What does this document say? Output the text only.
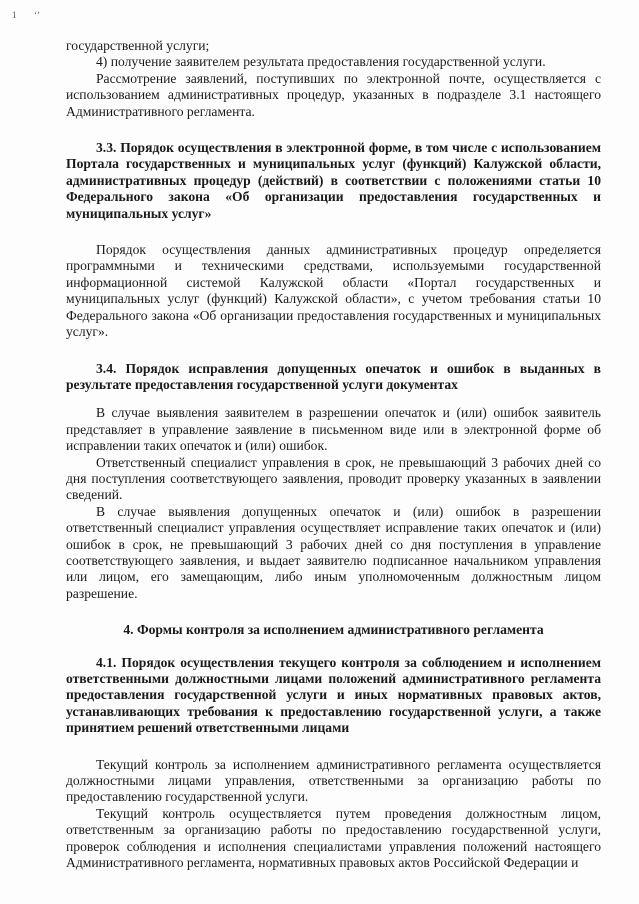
1 ‘’

государственной услуги;

4) получение заявителем результата предоставления государственной услуги.

Рассмотрение заявлений, поступивших по электронной почте, осуществляется с использованием административных процедур, указанных в подразделе 3.1 настоящего Административного регламента.

3.3. Порядок осуществления в электронной форме, в том числе с использованием Портала государственных и муниципальных услуг (функций) Калужской области, административных процедур (действий) в соответствии с положениями статьи 10 Федерального закона «Об организации предоставления государственных и муниципальных услуг»

Порядок осуществления данных административных процедур определяется программными и техническими средствами, используемыми государственной информационной системой Калужской области «Портал государственных и муниципальных услуг (функций) Калужской области», с учетом требования статьи 10 Федерального закона «Об организации предоставления государственных и муниципальных услуг».

3.4. Порядок исправления допущенных опечаток и ошибок в выданных в результате предоставления государственной услуги документах

В случае выявления заявителем в разрешении опечаток и (или) ошибок заявитель представляет в управление заявление в письменном виде или в электронной форме об исправлении таких опечаток и (или) ошибок.

Ответственный специалист управления в срок, не превышающий 3 рабочих дней со дня поступления соответствующего заявления, проводит проверку указанных в заявлении сведений.

В случае выявления допущенных опечаток и (или) ошибок в разрешении ответственный специалист управления осуществляет исправление таких опечаток и (или) ошибок в срок, не превышающий 3 рабочих дней со дня поступления в управление соответствующего заявления, и выдает заявителю подписанное начальником управления или лицом, его замещающим, либо иным уполномоченным должностным лицом разрешение.

4. Формы контроля за исполнением административного регламента

4.1. Порядок осуществления текущего контроля за соблюдением и исполнением ответственными должностными лицами положений административного регламента предоставления государственной услуги и иных нормативных правовых актов, устанавливающих требования к предоставлению государственной услуги, а также принятием решений ответственными лицами

Текущий контроль за исполнением административного регламента осуществляется должностными лицами управления, ответственными за организацию работы по предоставлению государственной услуги.

Текущий контроль осуществляется путем проведения должностным лицом, ответственным за организацию работы по предоставлению государственной услуги, проверок соблюдения и исполнения специалистами управления положений настоящего Административного регламента, нормативных правовых актов Российской Федерации и
